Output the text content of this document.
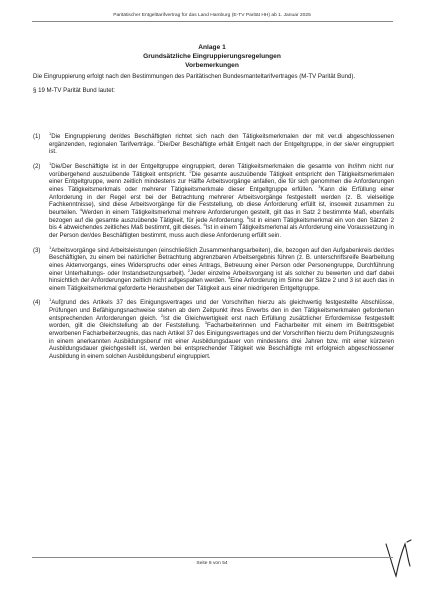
Paritätischer Entgelttarifvertrag für das Land Hamburg (E-TV Parität HH) ab 1. Januar 2025
Anlage 1
Grundsätzliche Eingruppierungsregelungen
Vorbemerkungen

Die Eingruppierung erfolgt nach den Bestimmungen des Paritätischen Bundesmanteltarifvertrages (M-TV Parität Bund).

§ 19 M-TV Parität Bund lautet:

(1)	$^1$Die Eingruppierung der/des Beschäftigten richtet sich nach den Tätigkeitsmerkmalen der mit ver.di abgeschlossenen ergänzenden, regionalen Tarifverträge. $^2$Die/Der Beschäftigte erhält Entgelt nach der Entgeltgruppe, in der sie/er eingruppiert ist.
(2)	$^1$Die/Der Beschäftigte ist in der Entgeltgruppe eingruppiert, deren Tätigkeitsmerkmalen die gesamte von ihr/ihm nicht nur vorübergehend auszuübende Tätigkeit entspricht. $^2$Die gesamte auszuübende Tätigkeit entspricht den Tätigkeitsmerkmalen einer Entgeltgruppe, wenn zeitlich mindestens zur Hälfte Arbeitsvorgänge anfallen, die für sich genommen die Anforderungen eines Tätigkeitsmerkmals oder mehrerer Tätigkeitsmerkmale dieser Entgeltgruppe erfüllen. $^3$Kann die Erfüllung einer Anforderung in der Regel erst bei der Betrachtung mehrerer Arbeitsvorgänge festgestellt werden (z. B. vielseitige Fachkenntnisse), sind diese Arbeitsvorgänge für die Feststellung, ob diese Anforderung erfüllt ist, insoweit zusammen zu beurteilen. $^4$Werden in einem Tätigkeitsmerkmal mehrere Anforderungen gestellt, gilt das in Satz 2 bestimmte Maß, ebenfalls bezogen auf die gesamte auszuübende Tätigkeit, für jede Anforderung. $^5$Ist in einem Tätigkeitsmerkmal ein von den Sätzen 2 bis 4 abweichendes zeitliches Maß bestimmt, gilt dieses. $^6$Ist in einem Tätigkeitsmerkmal als Anforderung eine Voraussetzung in der Person der/des Beschäftigten bestimmt, muss auch diese Anforderung erfüllt sein.
(3)	$^1$Arbeitsvorgänge sind Arbeitsleistungen (einschließlich Zusammenhangsarbeiten), die, bezogen auf den Aufgabenkreis der/des Beschäftigten, zu einem bei natürlicher Betrachtung abgrenzbaren Arbeitsergebnis führen (z. B. unterschriftsreife Bearbeitung eines Aktenvorgangs, eines Widerspruchs oder eines Antrags, Betreuung einer Person oder Personengruppe, Durchführung einer Unterhaltungs- oder Instandsetzungsarbeit). $^2$Jeder einzelne Arbeitsvorgang ist als solcher zu bewerten und darf dabei hinsichtlich der Anforderungen zeitlich nicht aufgespalten werden. $^3$Eine Anforderung im Sinne der Sätze 2 und 3 ist auch das in einem Tätigkeitsmerkmal geforderte Herausheben der Tätigkeit aus einer niedrigeren Entgeltgruppe.
(4)	$^1$Aufgrund des Artikels 37 des Einigungsvertrages und der Vorschriften hierzu als gleichwertig festgestellte Abschlüsse, Prüfungen und Befähigungsnachweise stehen ab dem Zeitpunkt ihres Erwerbs den in den Tätigkeitsmerkmalen geforderten entsprechenden Anforderungen gleich. $^2$Ist die Gleichwertigkeit erst nach Erfüllung zusätzlicher Erfordernisse festgestellt worden, gilt die Gleichstellung ab der Feststellung. $^3$Facharbeiterinnen und Facharbeiter mit einem im Beitrittsgebiet erworbenen Facharbeiterzeugnis, das nach Artikel 37 des Einigungsvertrages und der Vorschriften hierzu dem Prüfungszeugnis in einem anerkannten Ausbildungsberuf mit einer Ausbildungsdauer von mindestens drei Jahren bzw. mit einer kürzeren Ausbildungsdauer gleichgestellt ist, werden bei entsprechender Tätigkeit wie Beschäftigte mit erfolgreich abgeschlossener Ausbildung in einem solchen Ausbildungsberuf eingruppiert.
Seite 8 von 54
